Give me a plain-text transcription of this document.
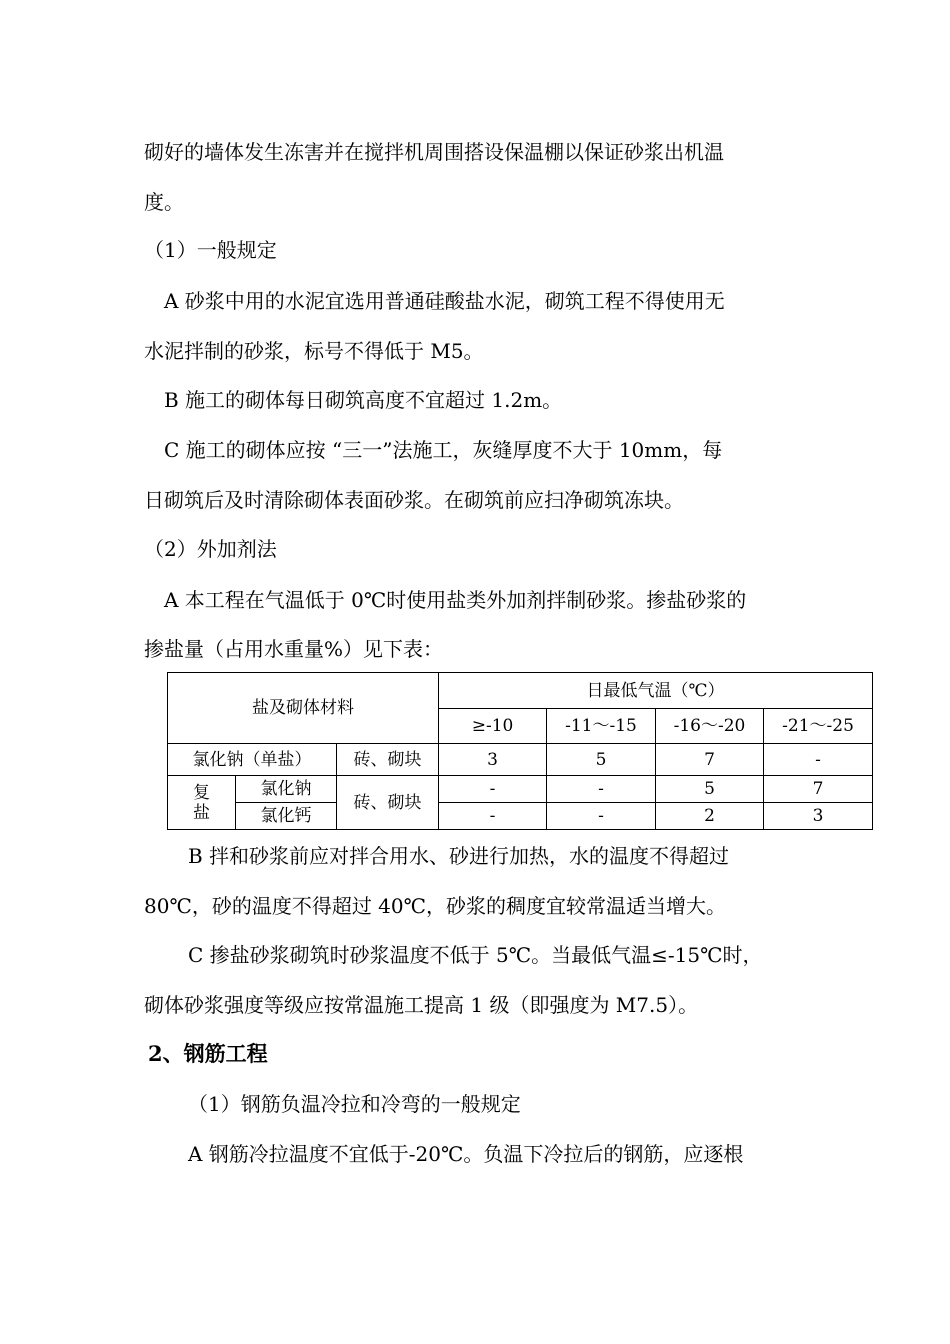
砌好的墙体发生冻害并在搅拌机周围搭设保温棚以保证砂浆出机温
度。
（1）一般规定
A 砂浆中用的水泥宜选用普通硅酸盐水泥，砌筑工程不得使用无
水泥拌制的砂浆，标号不得低于 M5。
B 施工的砌体每日砌筑高度不宜超过 1.2m。
C 施工的砌体应按 “三一”法施工，灰缝厚度不大于 10mm，每
日砌筑后及时清除砌体表面砂浆。在砌筑前应扫净砌筑冻块。
（2）外加剂法
A 本工程在气温低于 0℃时使用盐类外加剂拌制砂浆。掺盐砂浆的
掺盐量（占用水重量%）见下表：
盐及砌体材料			日最低气温（℃）			
			≥-10	-11～-15	-16～-20	-21～-25
氯化钠（单盐）		砖、砌块	3	5	7	-
复盐	氯化钠	砖、砌块	-	-	5	7
	氯化钙		-	-	2	3
B 拌和砂浆前应对拌合用水、砂进行加热，水的温度不得超过
80℃，砂的温度不得超过 40℃，砂浆的稠度宜较常温适当增大。
C 掺盐砂浆砌筑时砂浆温度不低于 5℃。当最低气温≤-15℃时，
砌体砂浆强度等级应按常温施工提高 1 级（即强度为 M7.5）。
2、钢筋工程
（1）钢筋负温冷拉和冷弯的一般规定
A 钢筋冷拉温度不宜低于-20℃。负温下冷拉后的钢筋，应逐根
